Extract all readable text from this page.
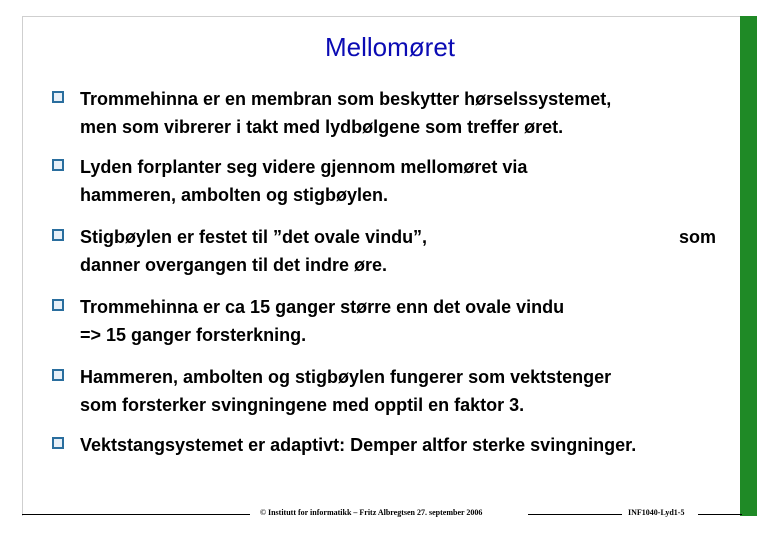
Mellomøret
Trommehinna er en membran som beskytter hørselssystemet,
men som vibrerer i takt med lydbølgene som treffer øret.
Lyden forplanter seg videre gjennom mellomøret via
hammeren, ambolten og stigbøylen.
Stigbøylen er festet til ”det ovale vindu”,	som
danner overgangen til det indre øre.
Trommehinna er ca 15 ganger større enn det ovale vindu
=> 15 ganger forsterkning.
Hammeren, ambolten og stigbøylen fungerer som vektstenger
som forsterker svingningene med opptil en faktor 3.
Vektstangsystemet er adaptivt: Demper altfor sterke svingninger.
© Institutt for informatikk – Fritz Albregtsen 27. september 2006	INF1040-Lyd1-5
